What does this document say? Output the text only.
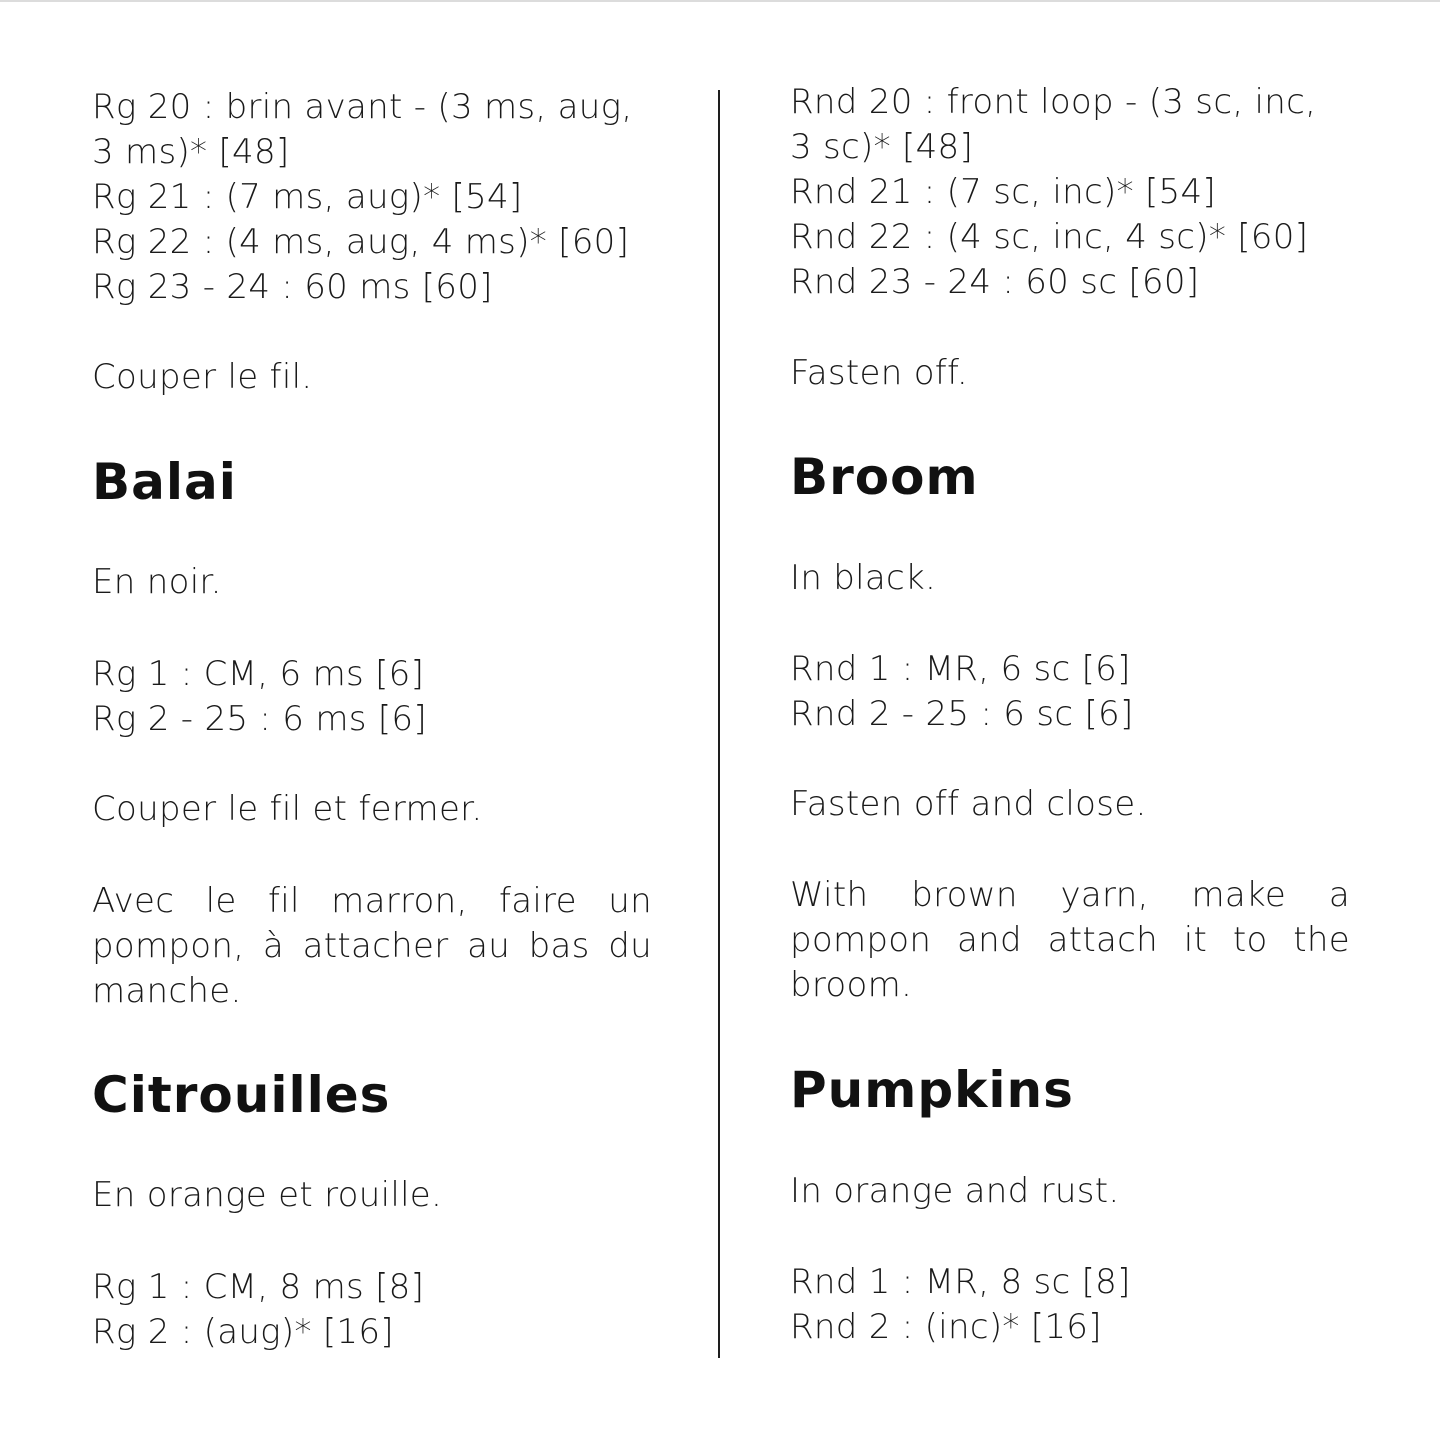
Rg 20 : brin avant - (3 ms, aug,
3 ms)* [48]
Rg 21 : (7 ms, aug)* [54]
Rg 22 : (4 ms, aug, 4 ms)* [60]
Rg 23 - 24 : 60 ms [60]
Couper le fil.
Balai
En noir.
Rg 1 : CM, 6 ms [6]
Rg 2 - 25 : 6 ms [6]
Couper le fil et fermer.
Avec le fil marron, faire un pompon, à attacher au bas du manche.
Citrouilles
En orange et rouille.
Rg 1 : CM, 8 ms [8]
Rg 2 : (aug)* [16]
Rnd 20 : front loop - (3 sc, inc,
3 sc)* [48]
Rnd 21 : (7 sc, inc)* [54]
Rnd 22 : (4 sc, inc, 4 sc)* [60]
Rnd 23 - 24 : 60 sc [60]
Fasten off.
Broom
In black.
Rnd 1 : MR, 6 sc [6]
Rnd 2 - 25 : 6 sc [6]
Fasten off and close.
With brown yarn, make a pompon and attach it to the broom.
Pumpkins
In orange and rust.
Rnd 1 : MR, 8 sc [8]
Rnd 2 : (inc)* [16]
